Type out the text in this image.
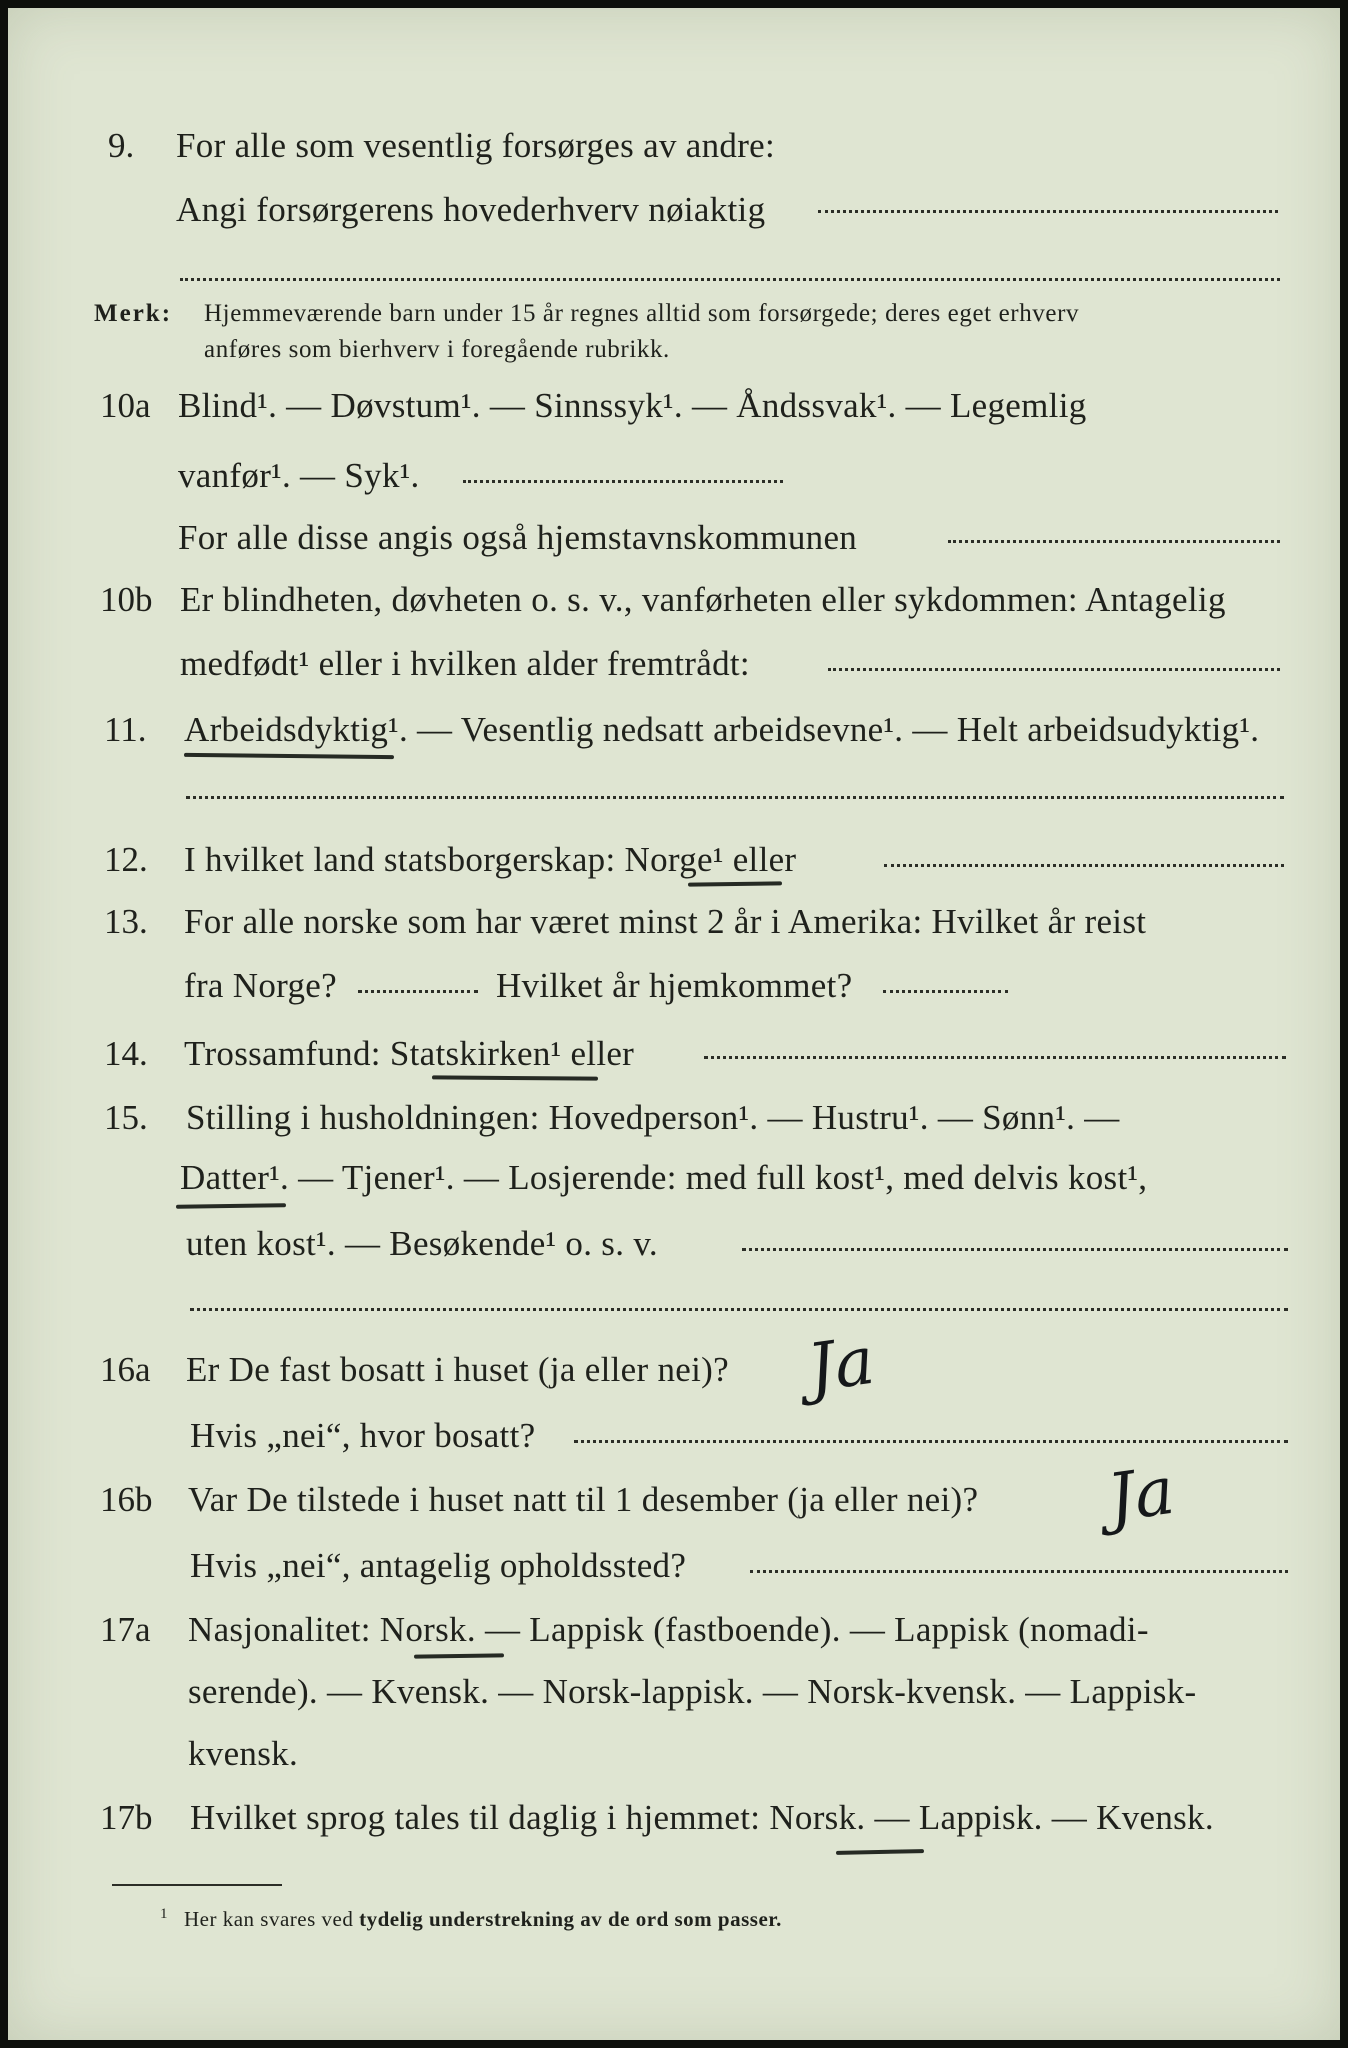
9. For alle som vesentlig forsørges av andre:
Angi forsørgerens hovederhverv nøiaktig
Merk: Hjemmeværende barn under 15 år regnes alltid som forsørgede; deres eget erhverv
anføres som bierhverv i foregående rubrikk.
10a Blind¹. — Døvstum¹. — Sinnssyk¹. — Åndssvak¹. — Legemlig
vanfør¹. — Syk¹.
For alle disse angis også hjemstavnskommunen
10b Er blindheten, døvheten o. s. v., vanførheten eller sykdommen: Antagelig
medfødt¹ eller i hvilken alder fremtrådt:
11. Arbeidsdyktig¹. — Vesentlig nedsatt arbeidsevne¹. — Helt arbeidsudyktig¹.
12. I hvilket land statsborgerskap: Norge¹ eller
13. For alle norske som har været minst 2 år i Amerika: Hvilket år reist
fra Norge?	Hvilket år hjemkommet?
14. Trossamfund: Statskirken¹ eller
15. Stilling i husholdningen: Hovedperson¹. — Hustru¹. — Sønn¹. —
Datter¹. — Tjener¹. — Losjerende: med full kost¹, med delvis kost¹,
uten kost¹. — Besøkende¹ o. s. v.
16a Er De fast bosatt i huset (ja eller nei)? Ja
Hvis „nei“, hvor bosatt?
16b Var De tilstede i huset natt til 1 desember (ja eller nei)? Ja
Hvis „nei“, antagelig opholdssted?
17a Nasjonalitet: Norsk. — Lappisk (fastboende). — Lappisk (nomadi-
serende). — Kvensk. — Norsk-lappisk. — Norsk-kvensk. — Lappisk-
kvensk.
17b Hvilket sprog tales til daglig i hjemmet: Norsk. — Lappisk. — Kvensk.
$^1$ Her kan svares ved tydelig understrekning av de ord som passer.
